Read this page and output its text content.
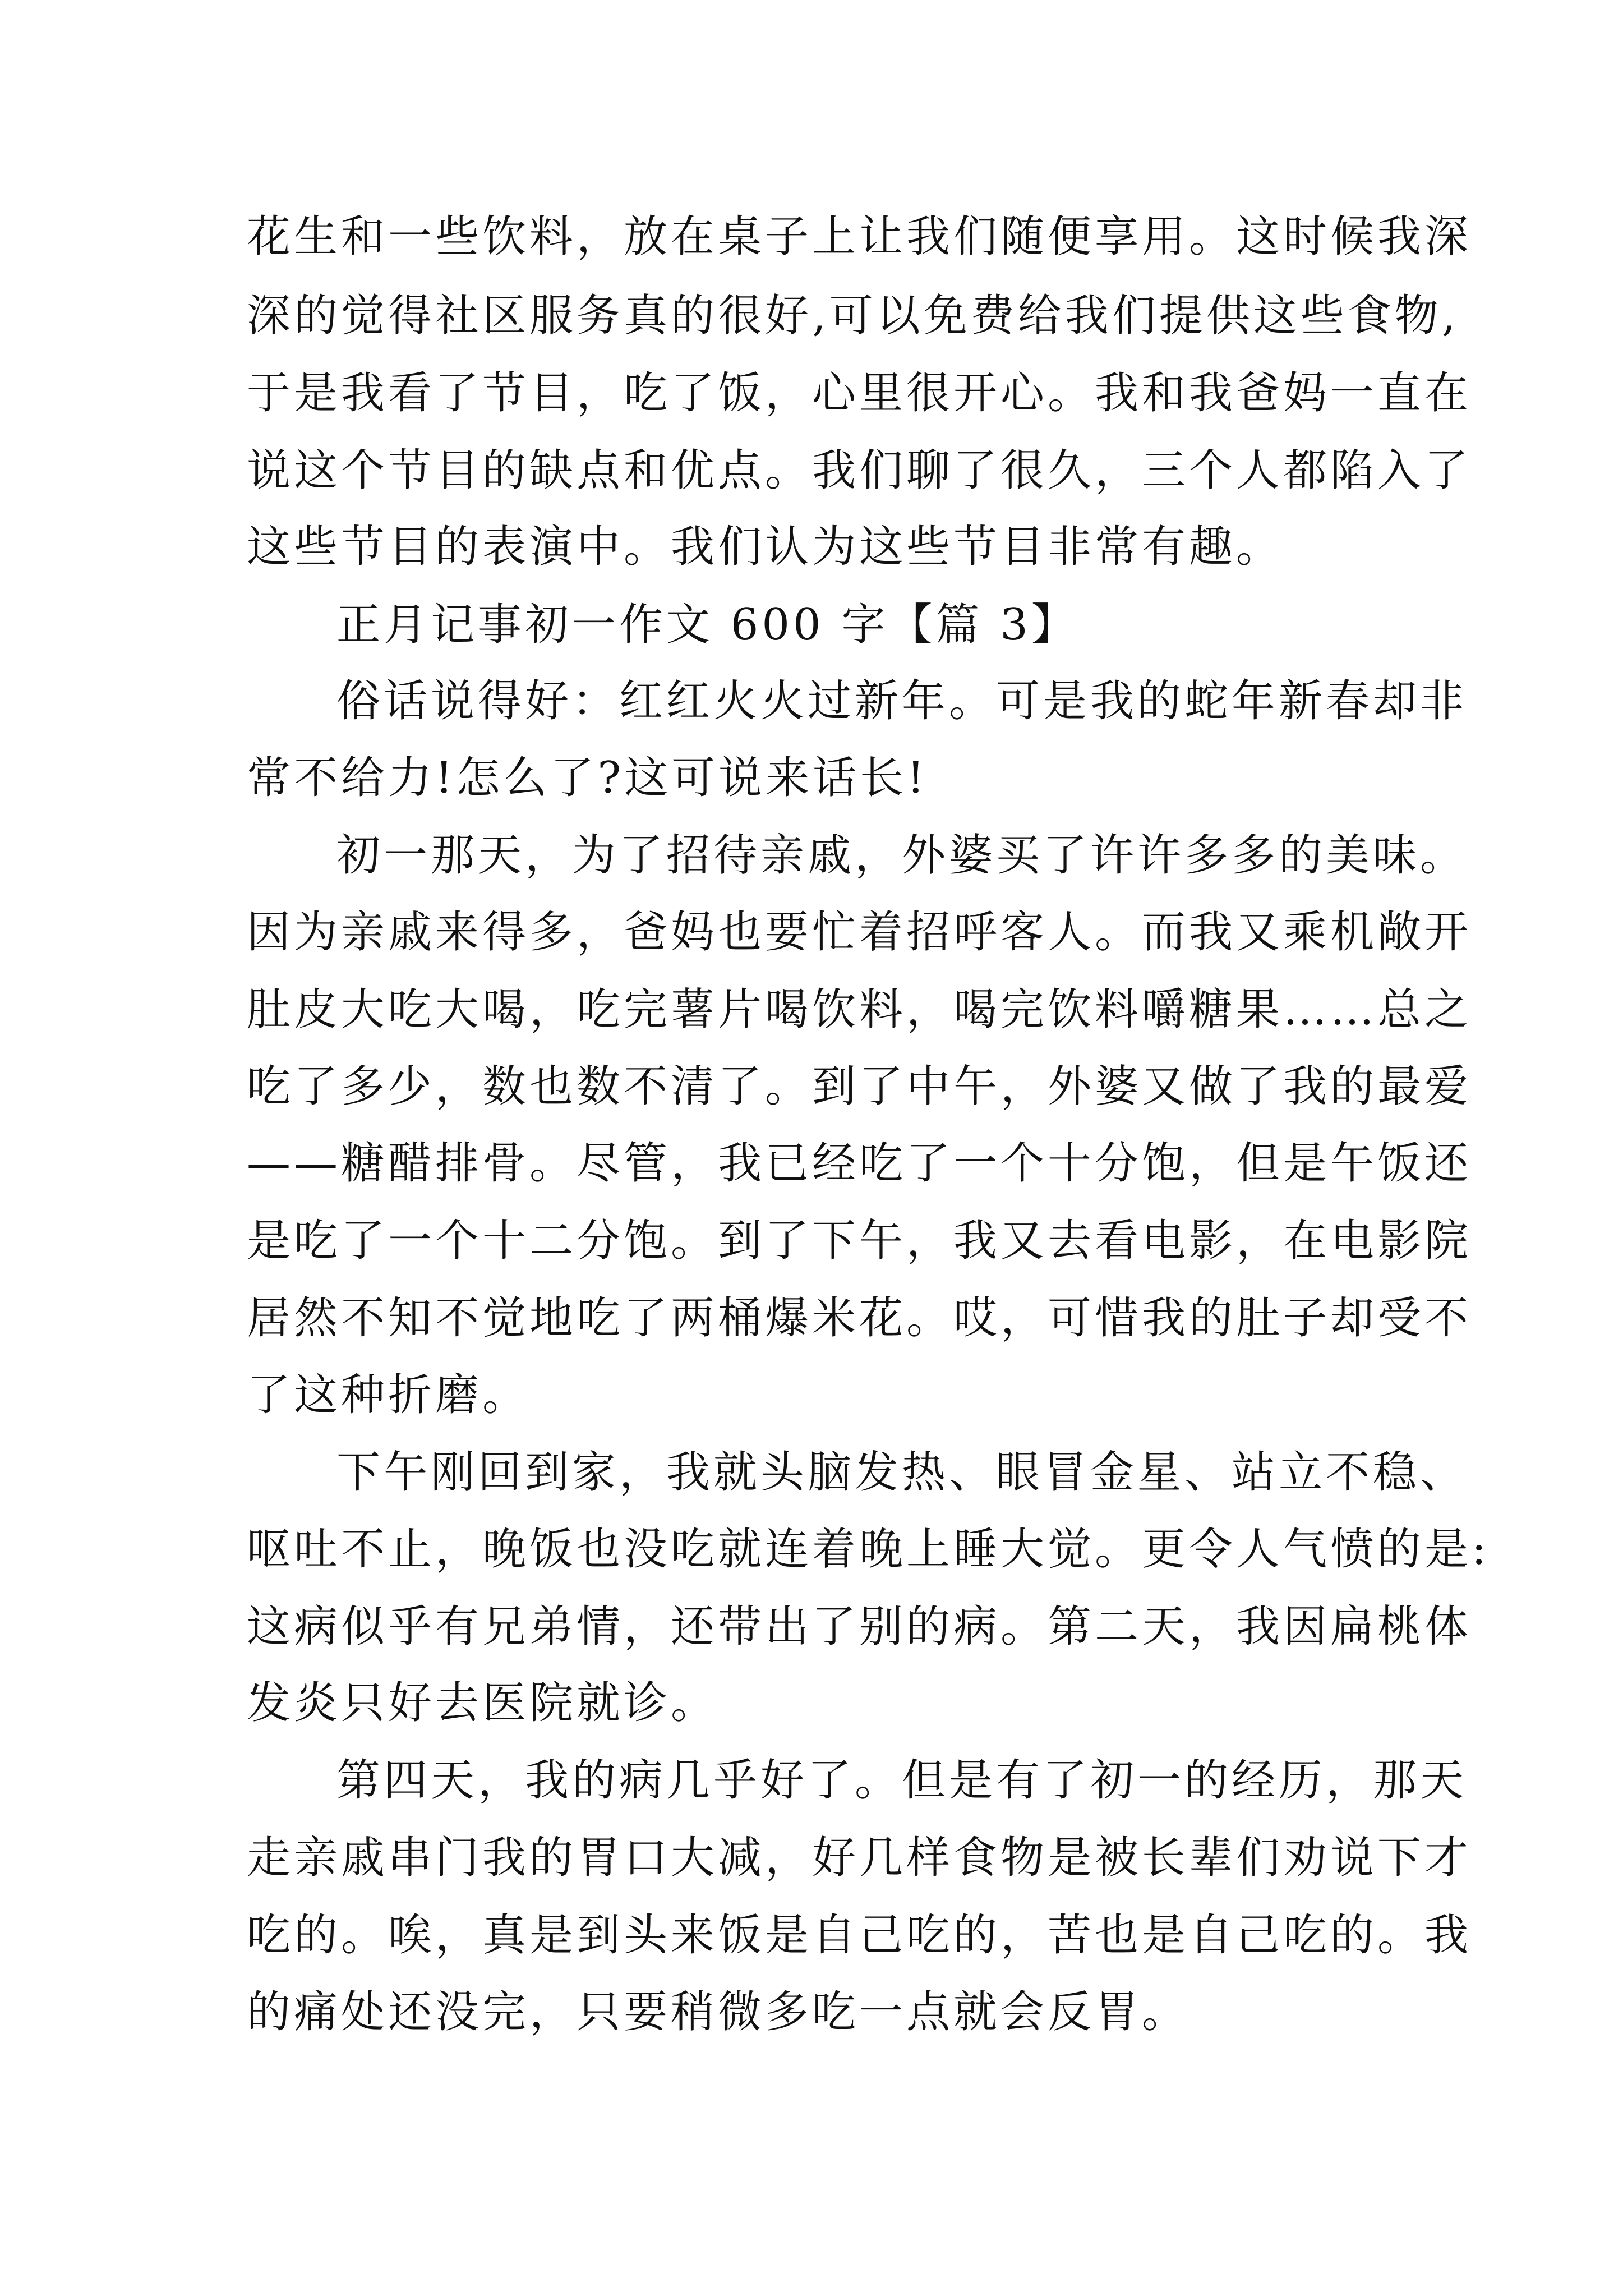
花生和一些饮料，放在桌子上让我们随便享用。这时候我深

深的觉得社区服务真的很好,可以免费给我们提供这些食物,

于是我看了节目，吃了饭，心里很开心。我和我爸妈一直在

说这个节目的缺点和优点。我们聊了很久，三个人都陷入了

这些节目的表演中。我们认为这些节目非常有趣。

正月记事初一作文 600 字【篇 3】

俗话说得好：红红火火过新年。可是我的蛇年新春却非

常不给力!怎么了?这可说来话长!

初一那天，为了招待亲戚，外婆买了许许多多的美味。

因为亲戚来得多，爸妈也要忙着招呼客人。而我又乘机敞开

肚皮大吃大喝，吃完薯片喝饮料，喝完饮料嚼糖果……总之

吃了多少，数也数不清了。到了中午，外婆又做了我的最爱

——糖醋排骨。尽管，我已经吃了一个十分饱，但是午饭还

是吃了一个十二分饱。到了下午，我又去看电影，在电影院

居然不知不觉地吃了两桶爆米花。哎，可惜我的肚子却受不

了这种折磨。

下午刚回到家，我就头脑发热、眼冒金星、站立不稳、

呕吐不止，晚饭也没吃就连着晚上睡大觉。更令人气愤的是:

这病似乎有兄弟情，还带出了别的病。第二天，我因扁桃体

发炎只好去医院就诊。

第四天，我的病几乎好了。但是有了初一的经历，那天

走亲戚串门我的胃口大减，好几样食物是被长辈们劝说下才

吃的。唉，真是到头来饭是自己吃的，苦也是自己吃的。我

的痛处还没完，只要稍微多吃一点就会反胃。
